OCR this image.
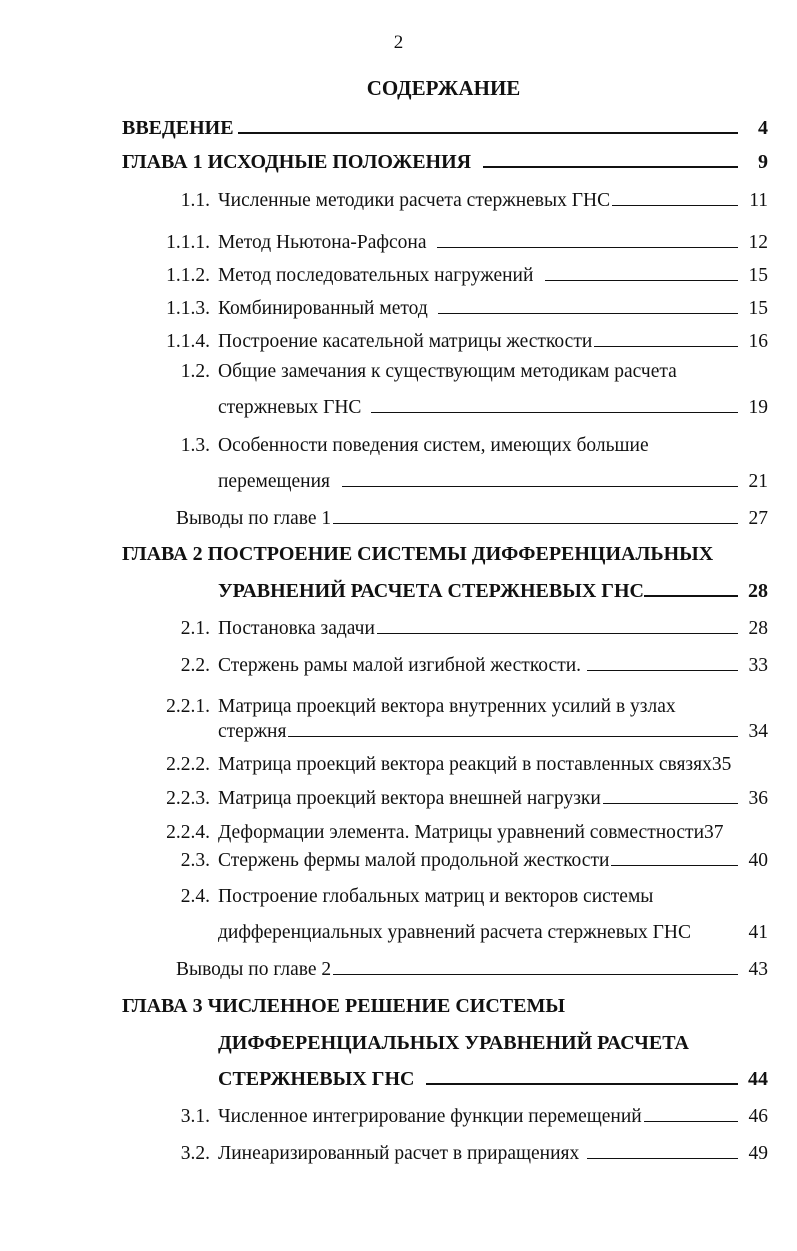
2
СОДЕРЖАНИЕ
ВВЕДЕНИЕ	4
ГЛАВА 1 ИСХОДНЫЕ ПОЛОЖЕНИЯ	9
1.1. Численные методики расчета стержневых ГНС	11
1.1.1. Метод Ньютона-Рафсона	12
1.1.2. Метод последовательных нагружений	15
1.1.3. Комбинированный метод	15
1.1.4. Построение касательной матрицы жесткости	16
1.2. Общие замечания к существующим методикам расчета
стержневых ГНС	19
1.3. Особенности поведения систем, имеющих большие
перемещения	21
Выводы по главе 1	27
ГЛАВА 2 ПОСТРОЕНИЕ СИСТЕМЫ ДИФФЕРЕНЦИАЛЬНЫХ
УРАВНЕНИЙ РАСЧЕТА СТЕРЖНЕВЫХ ГНС	28
2.1. Постановка задачи	28
2.2. Стержень рамы малой изгибной жесткости.	33
2.2.1. Матрица проекций вектора внутренних усилий в узлах
стержня	34
2.2.2. Матрица проекций вектора реакций в поставленных связях 35
2.2.3. Матрица проекций вектора внешней нагрузки	36
2.2.4. Деформации элемента. Матрицы уравнений совместности 37
2.3. Стержень фермы малой продольной жесткости	40
2.4. Построение глобальных матриц и векторов системы
дифференциальных уравнений расчета стержневых ГНС	41
Выводы по главе 2	43
ГЛАВА 3 ЧИСЛЕННОЕ РЕШЕНИЕ СИСТЕМЫ
ДИФФЕРЕНЦИАЛЬНЫХ УРАВНЕНИЙ РАСЧЕТА
СТЕРЖНЕВЫХ ГНС	44
3.1. Численное интегрирование функции перемещений	46
3.2. Линеаризированный расчет в приращениях	49
